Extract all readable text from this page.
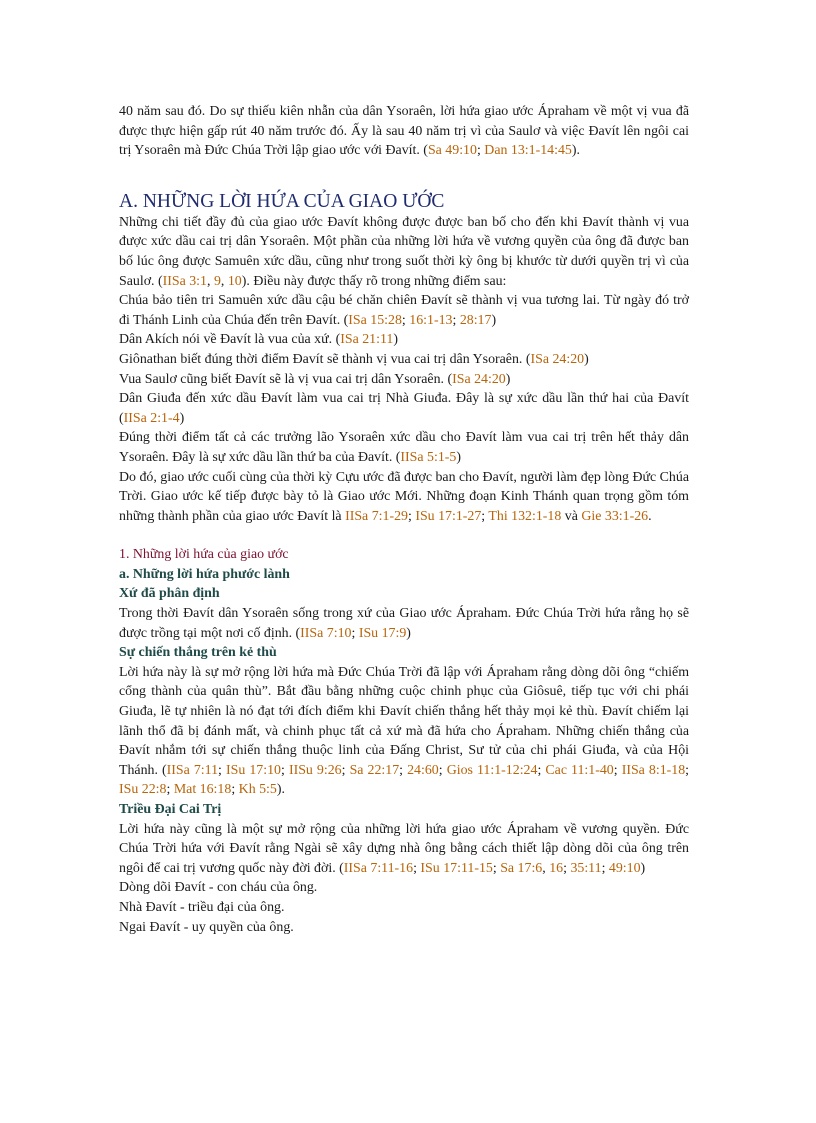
40 năm sau đó. Do sự thiếu kiên nhẫn của dân Ysoraên, lời hứa giao ước Ápraham về một vị vua đã được thực hiện gấp rút 40 năm trước đó. Ấy là sau 40 năm trị vì của Saulơ và việc Đavít lên ngôi cai trị Ysoraên mà Đức Chúa Trời lập giao ước với Đavít. (Sa 49:10; Dan 13:1-14:45).

A. NHỮNG LỜI HỨA CỦA GIAO ƯỚC

Những chi tiết đầy đủ của giao ước Đavít không được được ban bố cho đến khi Đavít thành vị vua được xức dầu cai trị dân Ysoraên. Một phần của những lời hứa về vương quyền của ông đã được ban bố lúc ông được Samuên xức dầu, cũng như trong suốt thời kỳ ông bị khước từ dưới quyền trị vì của Saulơ. (IISa 3:1, 9, 10). Điều này được thấy rõ trong những điểm sau:

Chúa bảo tiên tri Samuên xức dầu cậu bé chăn chiên Đavít sẽ thành vị vua tương lai. Từ ngày đó trở đi Thánh Linh của Chúa đến trên Đavít. (ISa 15:28; 16:1-13; 28:17)

Dân Akích nói về Đavít là vua của xứ. (ISa 21:11)

Giônathan biết đúng thời điểm Đavít sẽ thành vị vua cai trị dân Ysoraên. (ISa 24:20)

Vua Saulơ cũng biết Đavít sẽ là vị vua cai trị dân Ysoraên. (ISa 24:20)

Dân Giuđa đến xức dầu Đavít làm vua cai trị Nhà Giuđa. Đây là sự xức dầu lần thứ hai của Đavít (IISa 2:1-4)

Đúng thời điểm tất cả các trưởng lão Ysoraên xức dầu cho Đavít làm vua cai trị trên hết thảy dân Ysoraên. Đây là sự xức dầu lần thứ ba của Đavít. (IISa 5:1-5)

Do đó, giao ước cuối cùng của thời kỳ Cựu ước đã được ban cho Đavít, người làm đẹp lòng Đức Chúa Trời. Giao ước kế tiếp được bày tỏ là Giao ước Mới. Những đoạn Kinh Thánh quan trọng gồm tóm những thành phần của giao ước Đavít là IISa 7:1-29; ISu 17:1-27; Thi 132:1-18 và Gie 33:1-26.

1. Những lời hứa của giao ước

a. Những lời hứa phước lành

Xứ đã phân định

Trong thời Đavít dân Ysoraên sống trong xứ của Giao ước Ápraham. Đức Chúa Trời hứa rằng họ sẽ được trồng tại một nơi cố định. (IISa 7:10; ISu 17:9)

Sự chiến thắng trên kẻ thù

Lời hứa này là sự mở rộng lời hứa mà Đức Chúa Trời đã lập với Ápraham rằng dòng dõi ông “chiếm cổng thành của quân thù”. Bắt đầu bằng những cuộc chinh phục của Giôsuê, tiếp tục với chi phái Giuđa, lẽ tự nhiên là nó đạt tới đích điểm khi Đavít chiến thắng hết thảy mọi kẻ thù. Đavít chiếm lại lãnh thổ đã bị đánh mất, và chinh phục tất cả xứ mà đã hứa cho Ápraham. Những chiến thắng của Đavít nhắm tới sự chiến thắng thuộc linh của Đấng Christ, Sư tử của chi phái Giuđa, và của Hội Thánh. (IISa 7:11; ISu 17:10; IISu 9:26; Sa 22:17; 24:60; Gios 11:1-12:24; Cac 11:1-40; IISa 8:1-18; ISu 22:8; Mat 16:18; Kh 5:5).

Triều Đại Cai Trị

Lời hứa này cũng là một sự mở rộng của những lời hứa giao ước Ápraham về vương quyền. Đức Chúa Trời hứa với Đavít rằng Ngài sẽ xây dựng nhà ông bằng cách thiết lập dòng dõi của ông trên ngôi để cai trị vương quốc này đời đời. (IISa 7:11-16; ISu 17:11-15; Sa 17:6, 16; 35:11; 49:10)

Dòng dõi Đavít - con cháu của ông.

Nhà Đavít - triều đại của ông.

Ngai Đavít - uy quyền của ông.
